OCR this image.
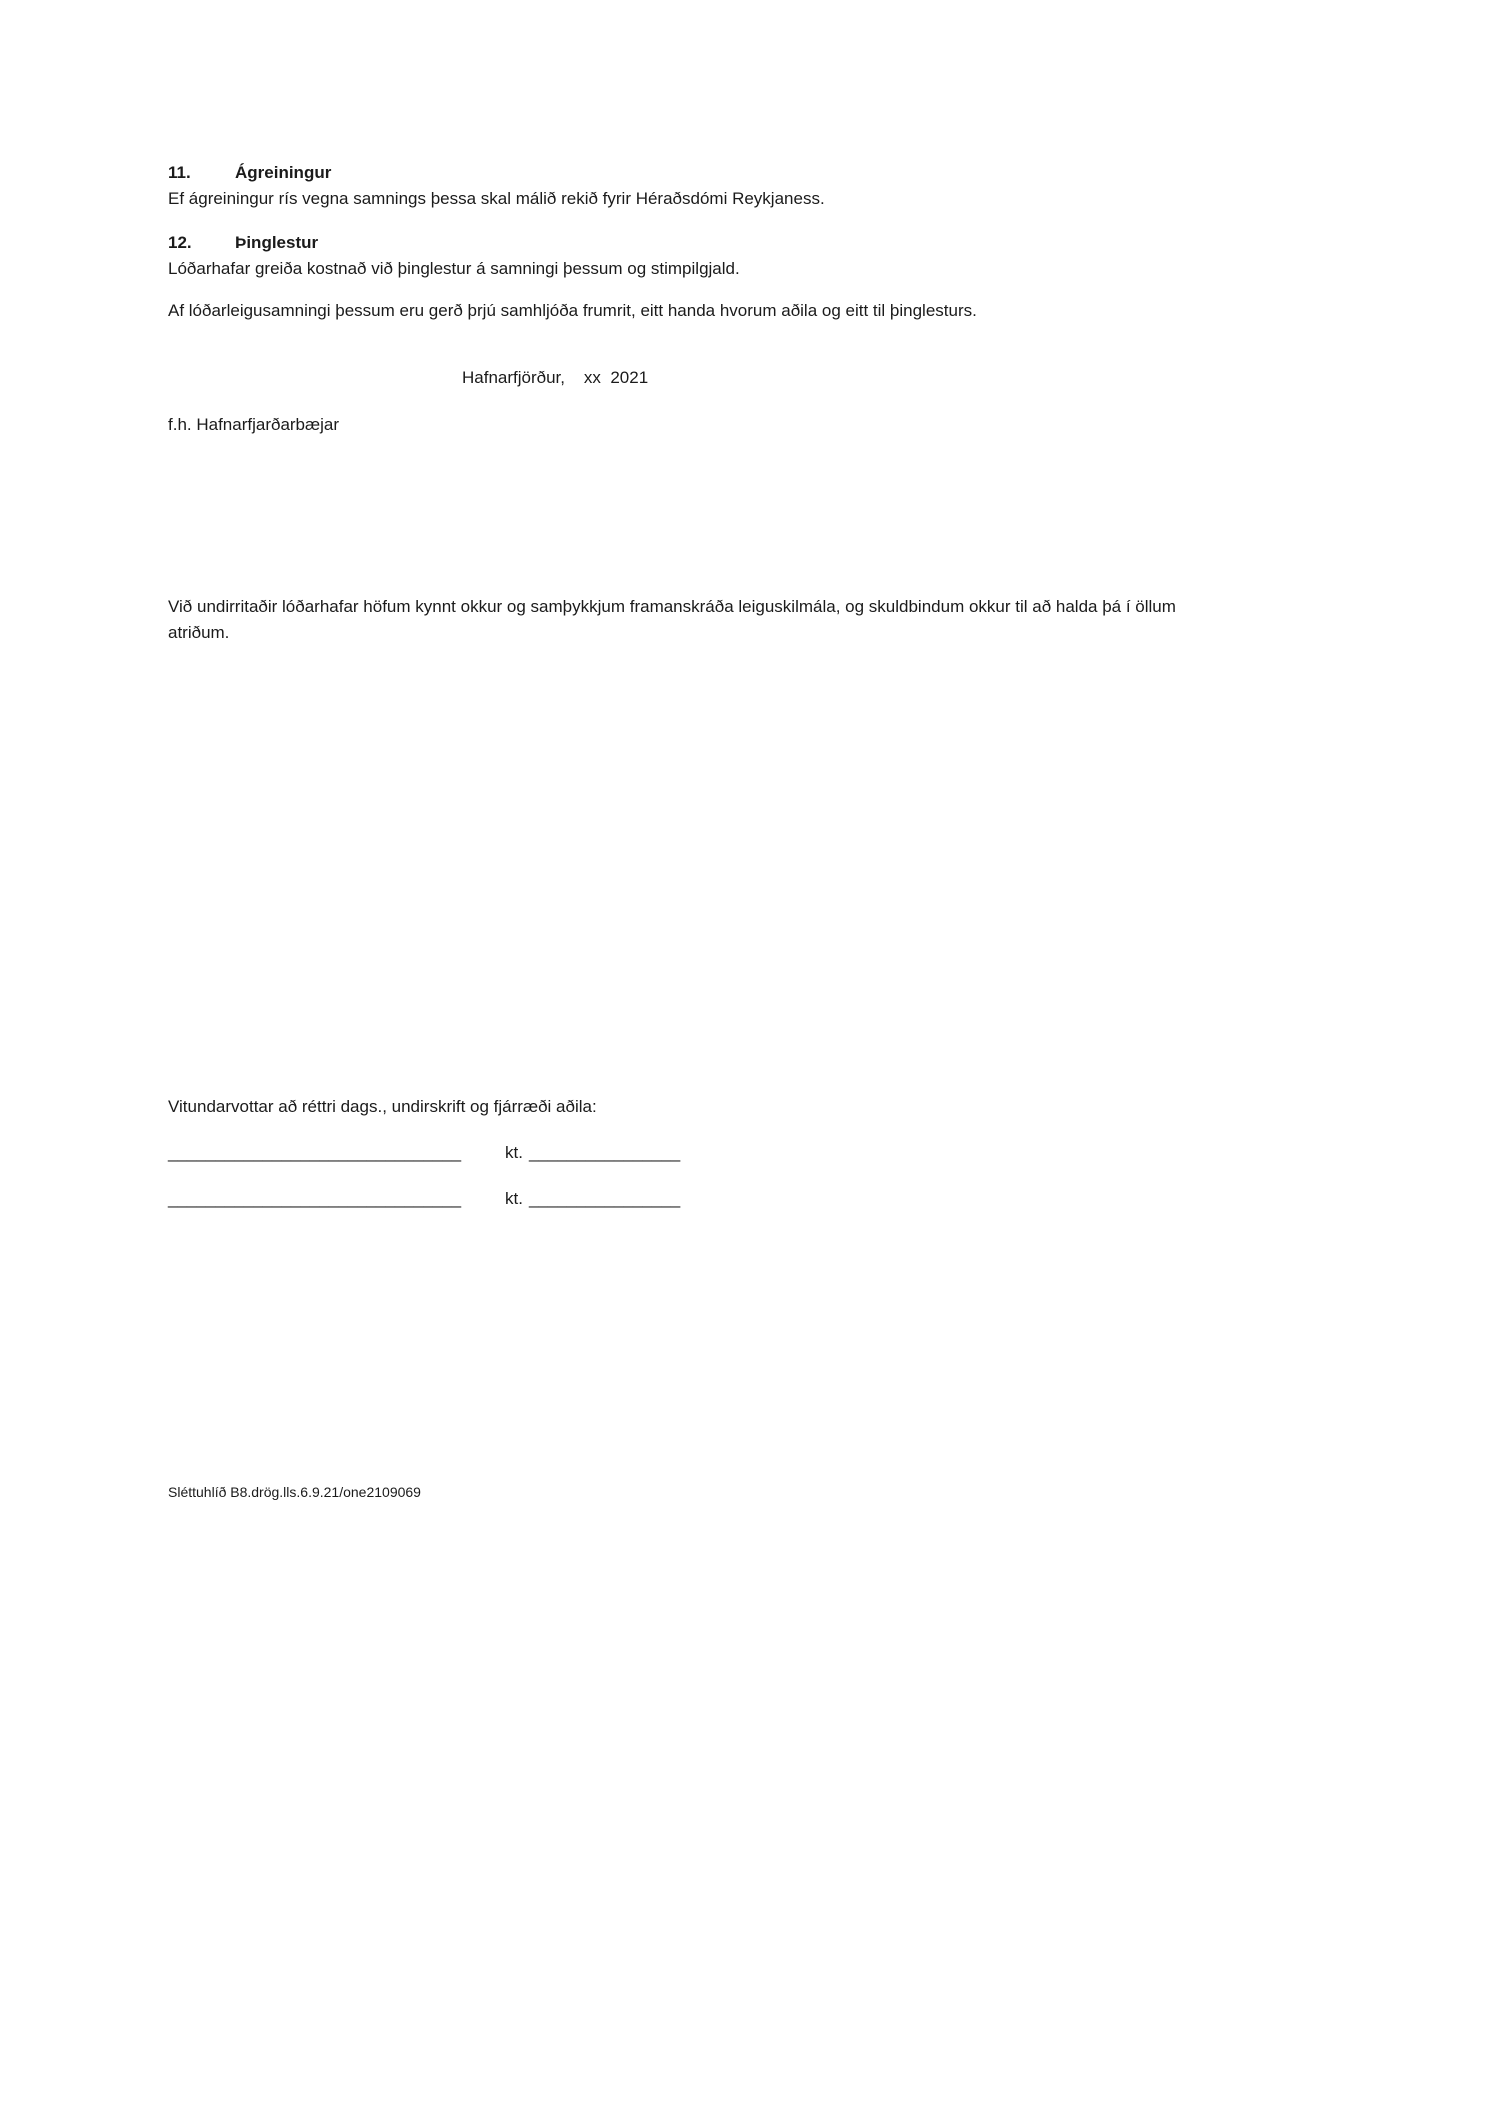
11.	Ágreiningur

Ef ágreiningur rís vegna samnings þessa skal málið rekið fyrir Héraðsdómi Reykjaness.

12.	Þinglestur

Lóðarhafar greiða kostnað við þinglestur á samningi þessum og stimpilgjald.

Af lóðarleigusamningi þessum eru gerð þrjú samhljóða frumrit, eitt handa hvorum aðila og eitt til þinglesturs.

Hafnarfjörður,    xx  2021

f.h. Hafnarfjarðarbæjar

Við undirritaðir lóðarhafar höfum kynnt okkur og samþykkjum framanskráða leiguskilmála, og skuldbindum okkur til að halda þá í öllum atriðum.

Vitundarvottar að réttri dags., undirskrift og fjárræði aðila:

_______________________________	kt. ________________
_______________________________	kt. ________________

Sléttuhlíð B8.drög.lls.6.9.21/one2109069
